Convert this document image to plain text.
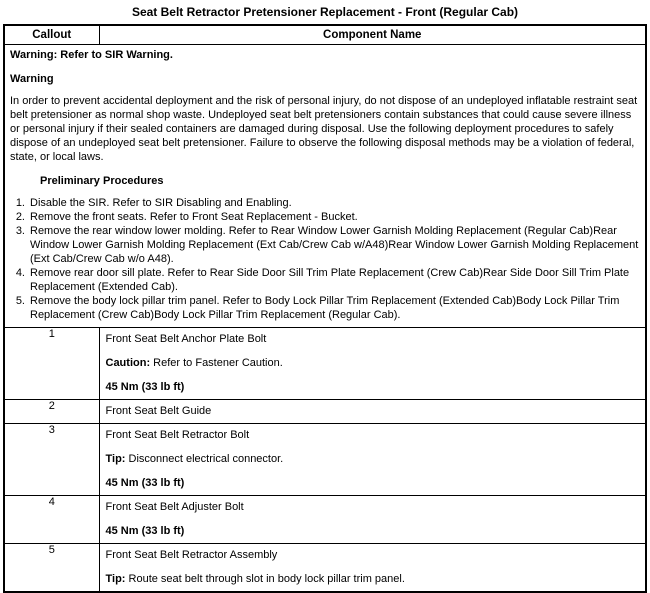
Seat Belt Retractor Pretensioner Replacement - Front (Regular Cab)
Callout	Component Name

Warning: Refer to SIR Warning.
Warning
In order to prevent accidental deployment and the risk of personal injury, do not dispose of an undeployed inflatable restraint seat belt pretensioner as normal shop waste. Undeployed seat belt pretensioners contain substances that could cause severe illness or personal injury if their sealed containers are damaged during disposal. Use the following deployment procedures to safely dispose of an undeployed seat belt pretensioner. Failure to observe the following disposal methods may be a violation of federal, state, or local laws.
Preliminary Procedures
1. Disable the SIR. Refer to SIR Disabling and Enabling.
2. Remove the front seats. Refer to Front Seat Replacement - Bucket.
3. Remove the rear window lower molding. Refer to Rear Window Lower Garnish Molding Replacement (Regular Cab)Rear Window Lower Garnish Molding Replacement (Ext Cab/Crew Cab w/A48)Rear Window Lower Garnish Molding Replacement (Ext Cab/Crew Cab w/o A48).
4. Remove rear door sill plate. Refer to Rear Side Door Sill Trim Plate Replacement (Crew Cab)Rear Side Door Sill Trim Plate Replacement (Extended Cab).
5. Remove the body lock pillar trim panel. Refer to Body Lock Pillar Trim Replacement (Extended Cab)Body Lock Pillar Trim Replacement (Crew Cab)Body Lock Pillar Trim Replacement (Regular Cab).

1	Front Seat Belt Anchor Plate Bolt
Caution: Refer to Fastener Caution.
45 Nm (33 lb ft)

2	Front Seat Belt Guide

3	Front Seat Belt Retractor Bolt
Tip: Disconnect electrical connector.
45 Nm (33 lb ft)

4	Front Seat Belt Adjuster Bolt
45 Nm (33 lb ft)

5	Front Seat Belt Retractor Assembly
Tip: Route seat belt through slot in body lock pillar trim panel.
